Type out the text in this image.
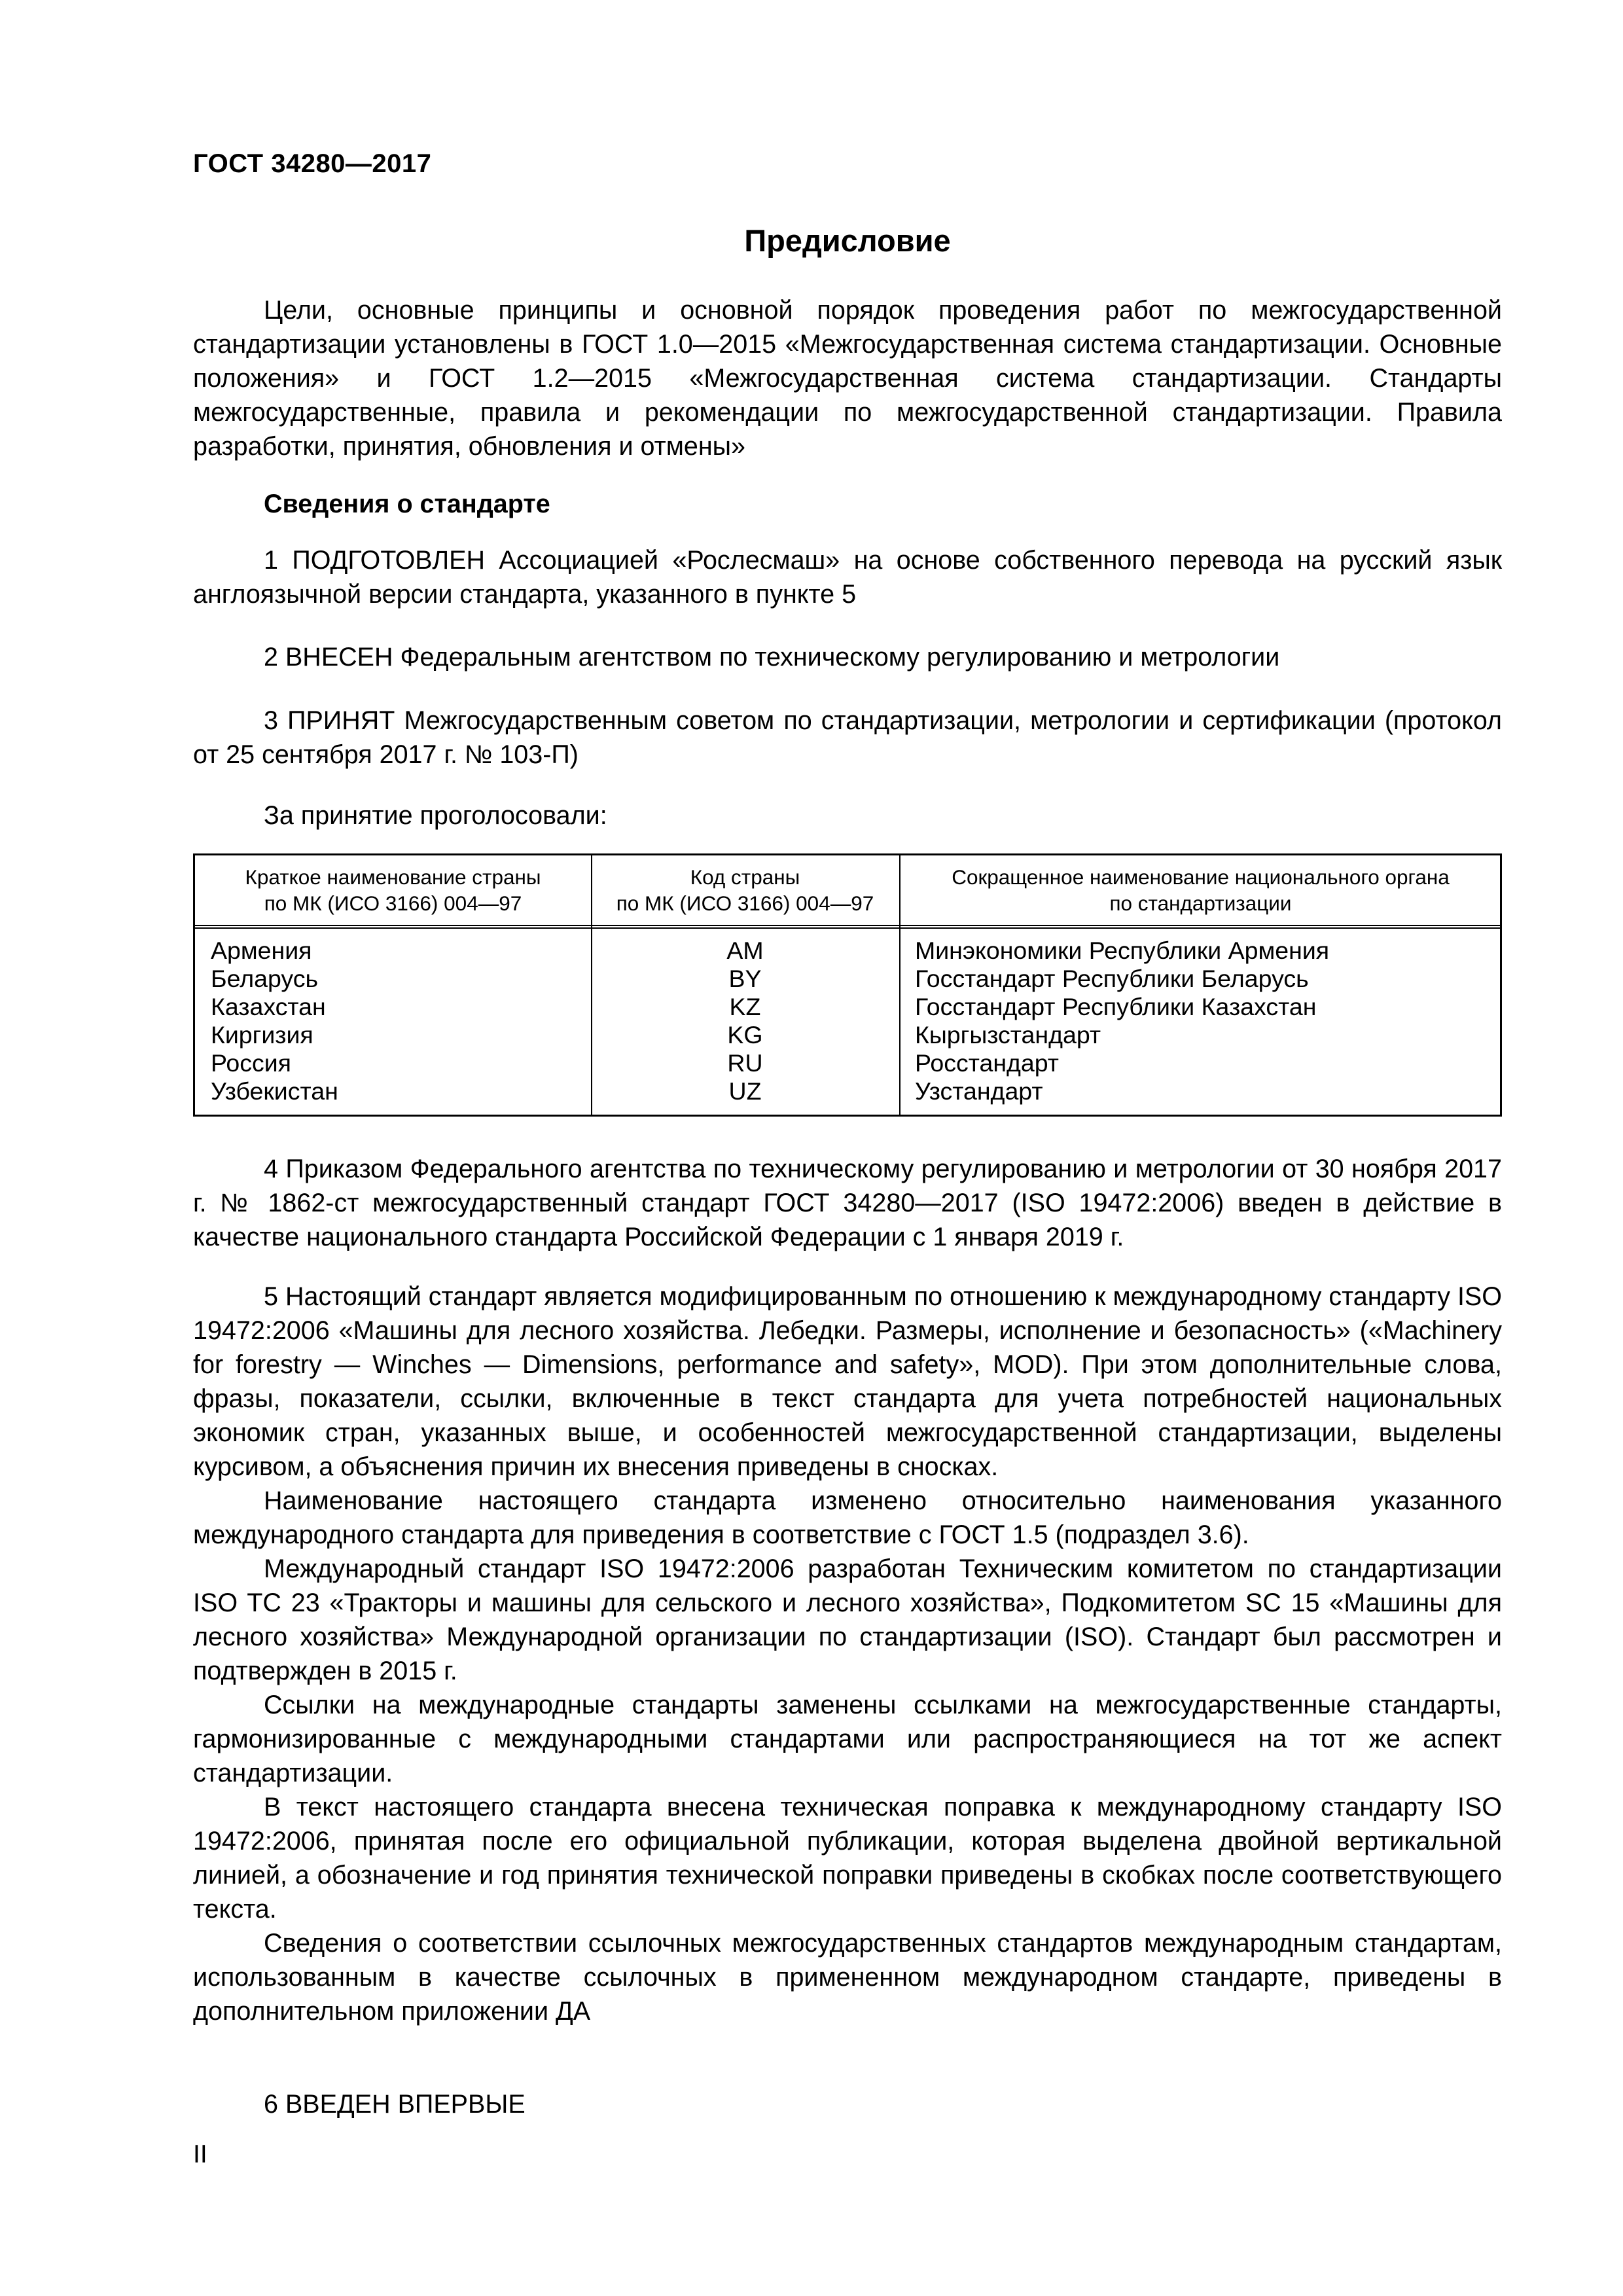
ГОСТ 34280—2017
Предисловие

Цели, основные принципы и основной порядок проведения работ по межгосударственной стандартизации установлены в ГОСТ 1.0—2015 «Межгосударственная система стандартизации. Основные положения» и ГОСТ 1.2—2015 «Межгосударственная система стандартизации. Стандарты межгосударственные, правила и рекомендации по межгосударственной стандартизации. Правила разработки, принятия, обновления и отмены»

Сведения о стандарте

1 ПОДГОТОВЛЕН Ассоциацией «Рослесмаш» на основе собственного перевода на русский язык англоязычной версии стандарта, указанного в пункте 5

2 ВНЕСЕН Федеральным агентством по техническому регулированию и метрологии

3 ПРИНЯТ Межгосударственным советом по стандартизации, метрологии и сертификации (протокол от 25 сентября 2017 г. № 103-П)

За принятие проголосовали:
Краткое наименование страны
по МК (ИСО 3166) 004—97
Армения
Беларусь
Казахстан
Киргизия
Россия
Узбекистан
Код страны
по МК (ИСО 3166) 004—97
AM
BY
KZ
KG
RU
UZ
Сокращенное наименование национального органа
по стандартизации
Минэкономики Республики Армения
Госстандарт Республики Беларусь
Госстандарт Республики Казахстан
Кыргызстандарт
Росстандарт
Узстандарт

4 Приказом Федерального агентства по техническому регулированию и метрологии от 30 ноября 2017 г. № 1862-ст межгосударственный стандарт ГОСТ 34280—2017 (ISO 19472:2006) введен в действие в качестве национального стандарта Российской Федерации с 1 января 2019 г.

5 Настоящий стандарт является модифицированным по отношению к международному стандарту ISO 19472:2006 «Машины для лесного хозяйства. Лебедки. Размеры, исполнение и безопасность» («Machinery for forestry — Winches — Dimensions, performance and safety», MOD). При этом дополнительные слова, фразы, показатели, ссылки, включенные в текст стандарта для учета потребностей национальных экономик стран, указанных выше, и особенностей межгосударственной стандартизации, выделены курсивом, а объяснения причин их внесения приведены в сносках.

Наименование настоящего стандарта изменено относительно наименования указанного международного стандарта для приведения в соответствие с ГОСТ 1.5 (подраздел 3.6).

Международный стандарт ISO 19472:2006 разработан Техническим комитетом по стандартизации ISO TC 23 «Тракторы и машины для сельского и лесного хозяйства», Подкомитетом SC 15 «Машины для лесного хозяйства» Международной организации по стандартизации (ISO). Стандарт был рассмотрен и подтвержден в 2015 г.

Ссылки на международные стандарты заменены ссылками на межгосударственные стандарты, гармонизированные с международными стандартами или распространяющиеся на тот же аспект стандартизации.

В текст настоящего стандарта внесена техническая поправка к международному стандарту ISO 19472:2006, принятая после его официальной публикации, которая выделена двойной вертикальной линией, а обозначение и год принятия технической поправки приведены в скобках после соответствующего текста.

Сведения о соответствии ссылочных межгосударственных стандартов международным стандартам, использованным в качестве ссылочных в примененном международном стандарте, приведены в дополнительном приложении ДА

6 ВВЕДЕН ВПЕРВЫЕ
II
